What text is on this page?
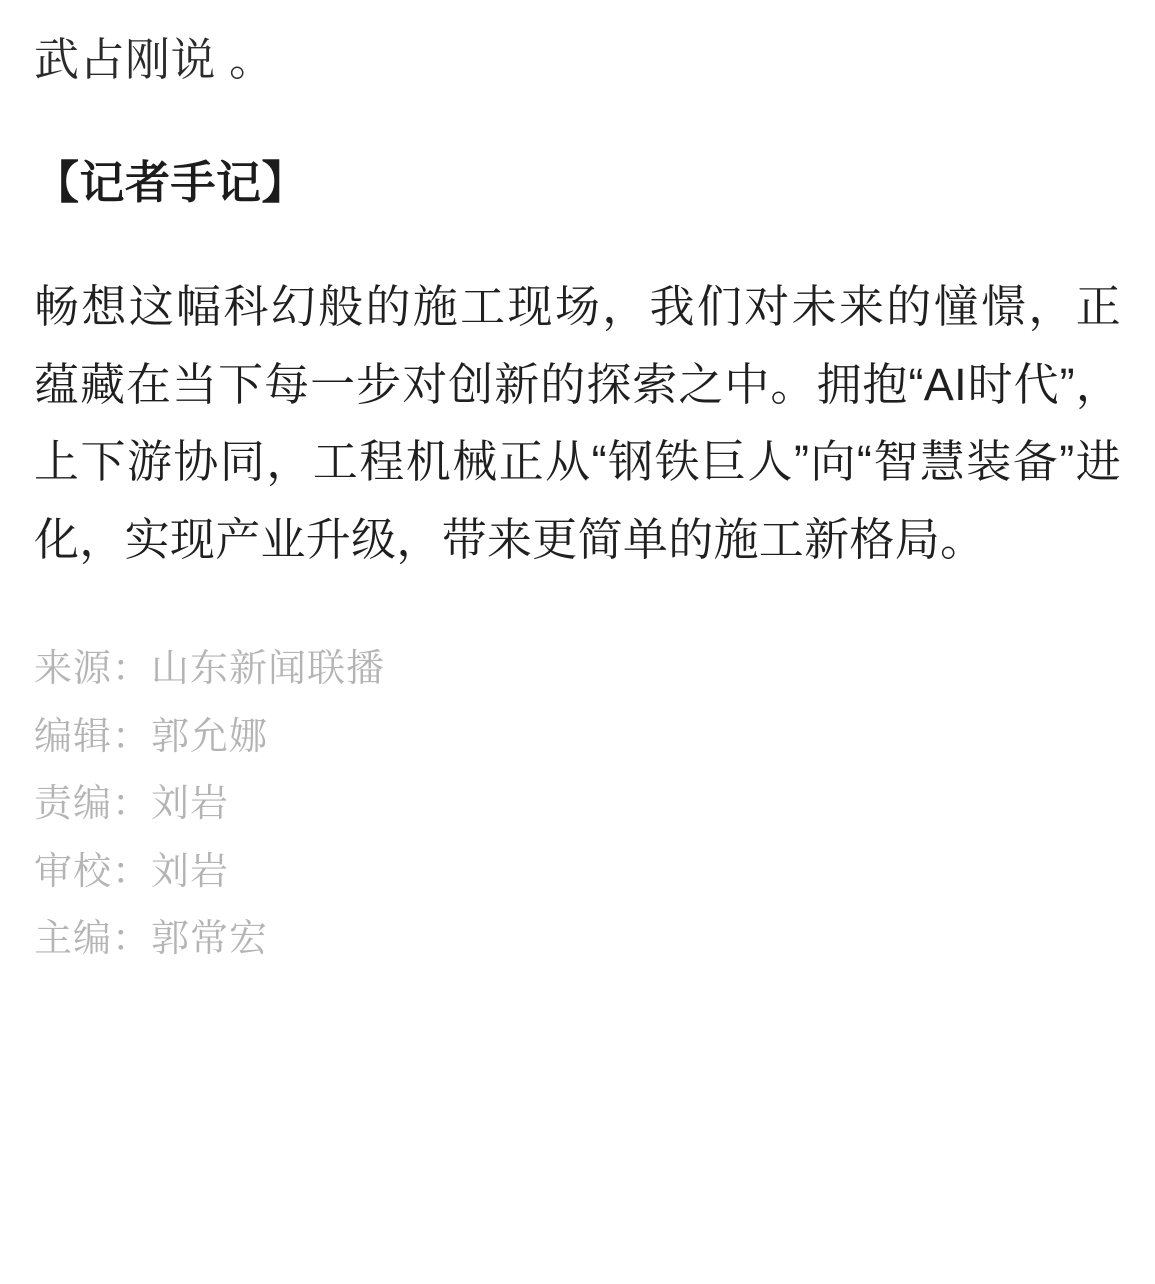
武占刚说 。

【记者手记】

畅想这幅科幻般的施工现场，我们对未来的憧憬，正蕴藏在当下每一步对创新的探索之中。拥抱“AI时代”，上下游协同，工程机械正从“钢铁巨人”向“智慧装备”进化，实现产业升级，带来更简单的施工新格局。

来源：山东新闻联播
编辑：郭允娜
责编：刘岩
审校：刘岩
主编：郭常宏
